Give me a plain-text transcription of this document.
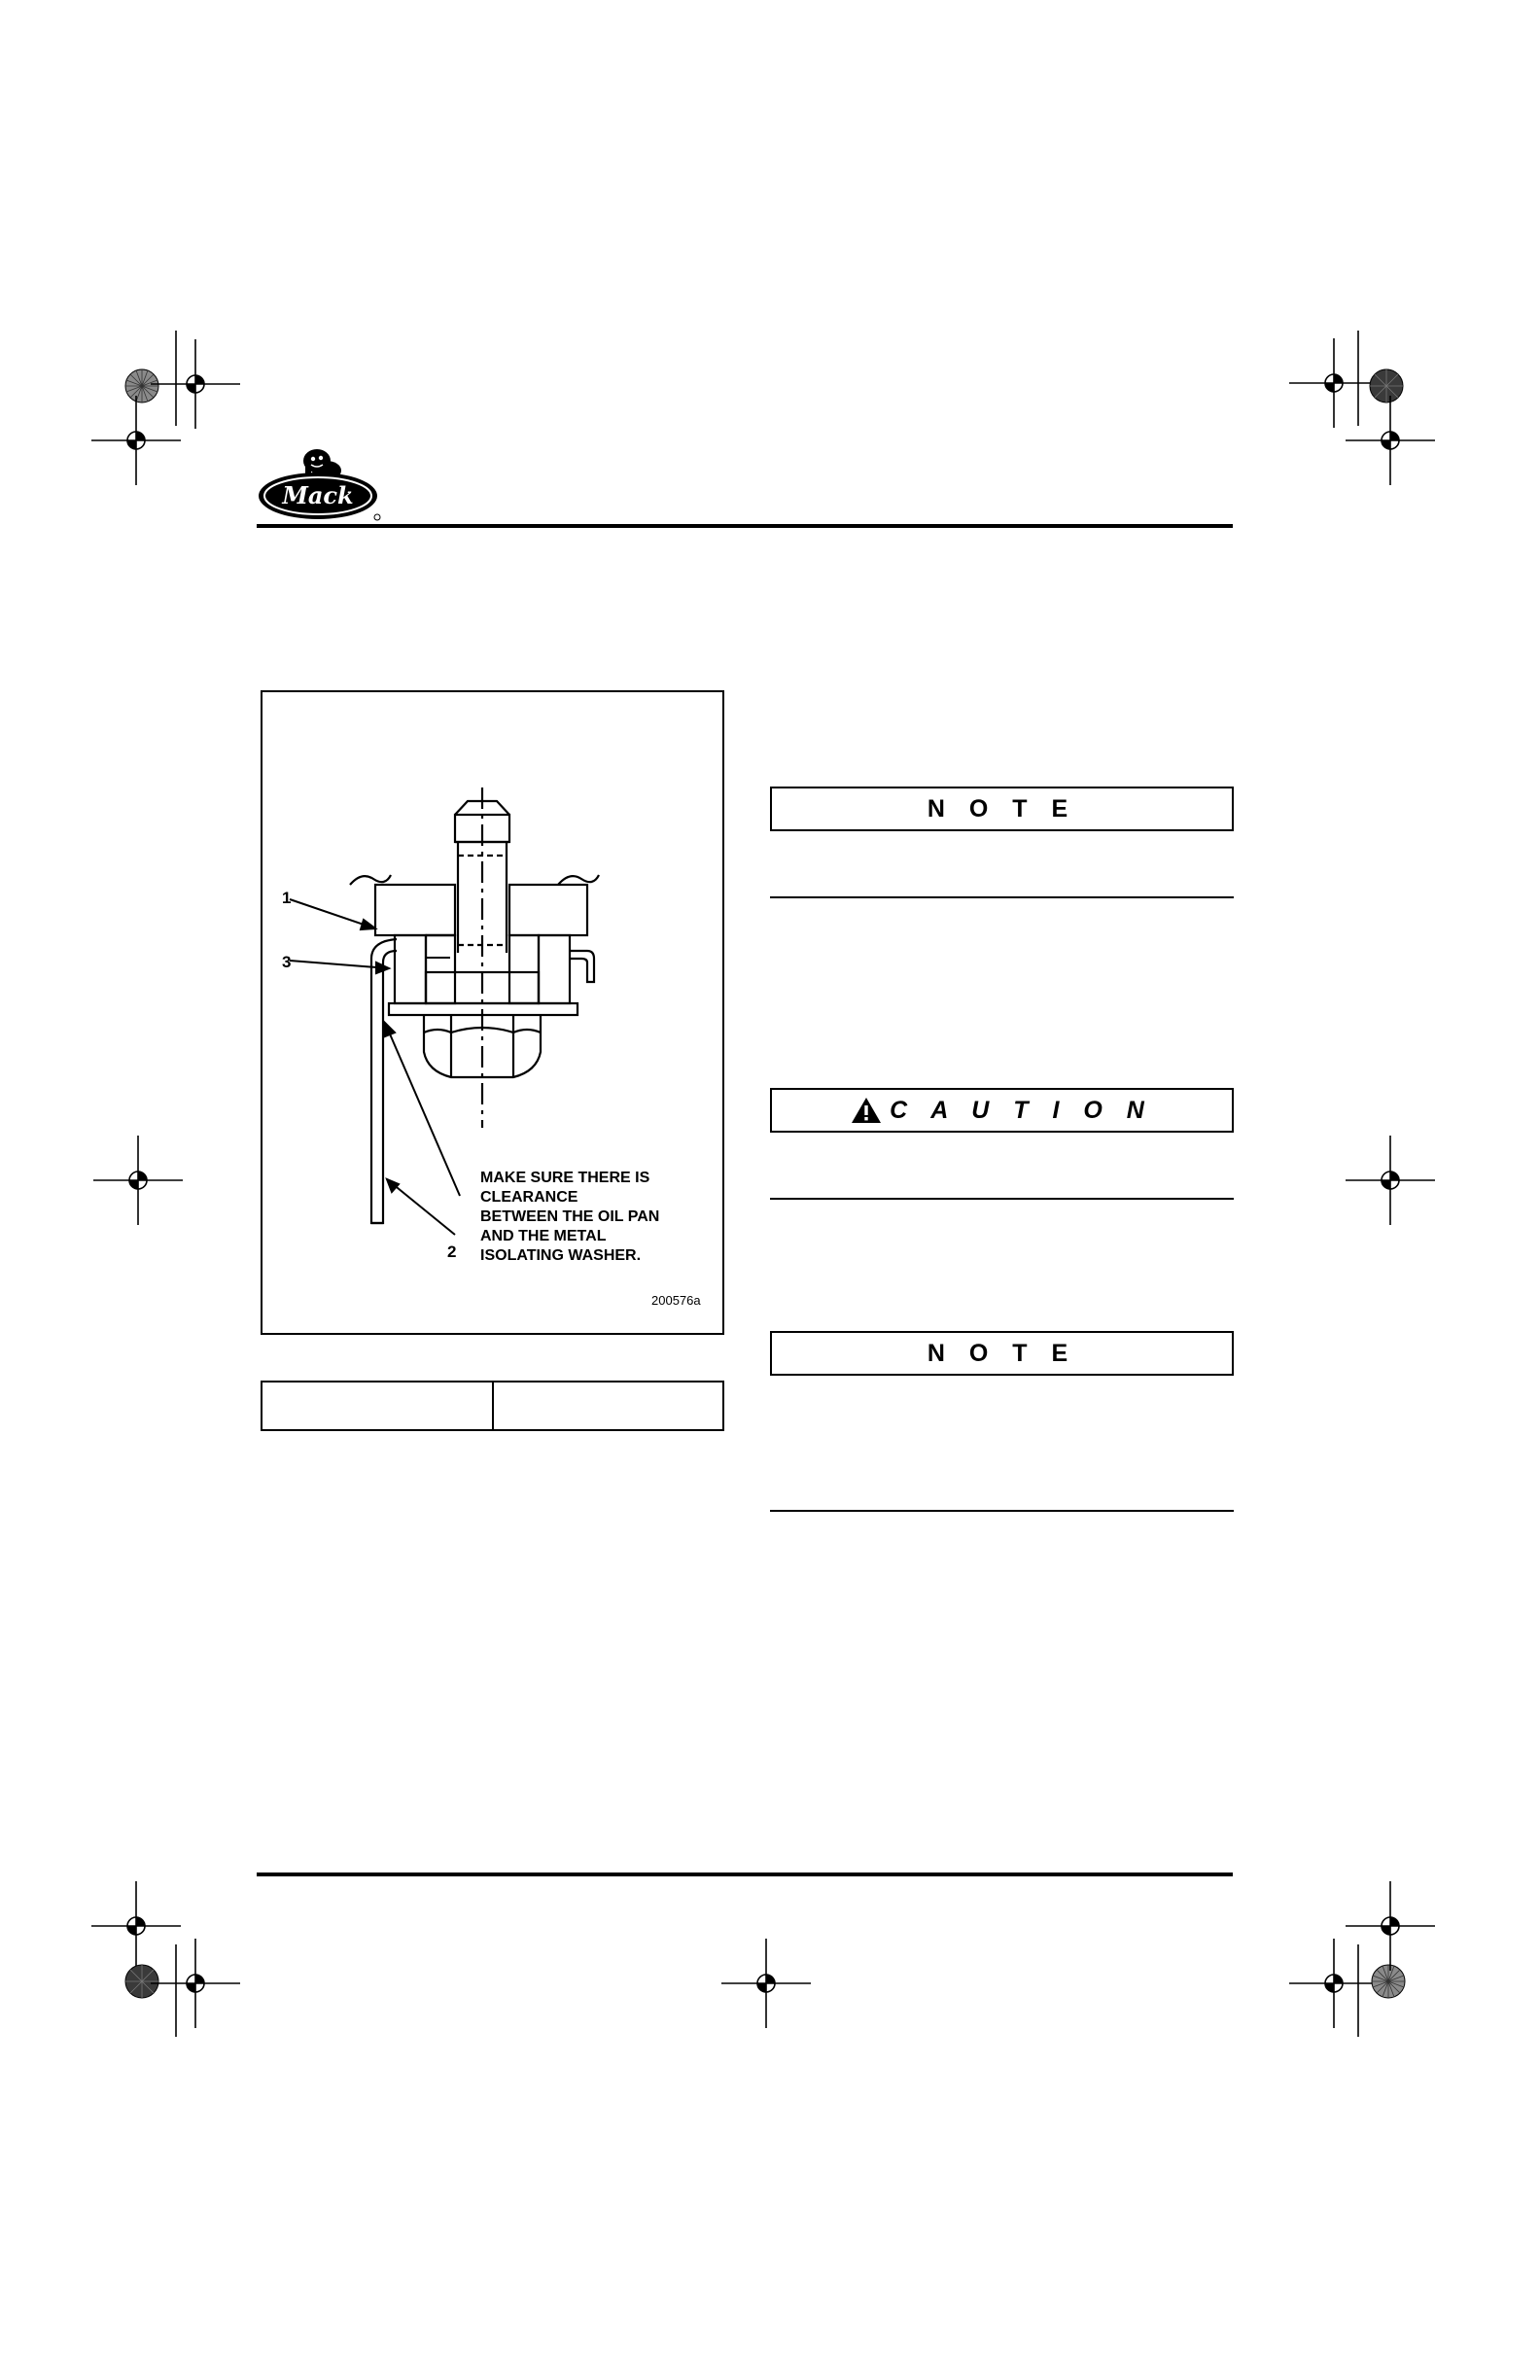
Mack
1
3
2
MAKE SURE THERE IS
CLEARANCE
BETWEEN THE OIL PAN
AND THE METAL
ISOLATING WASHER.
200576a
N O T E
C A U T I O N
N O T E
